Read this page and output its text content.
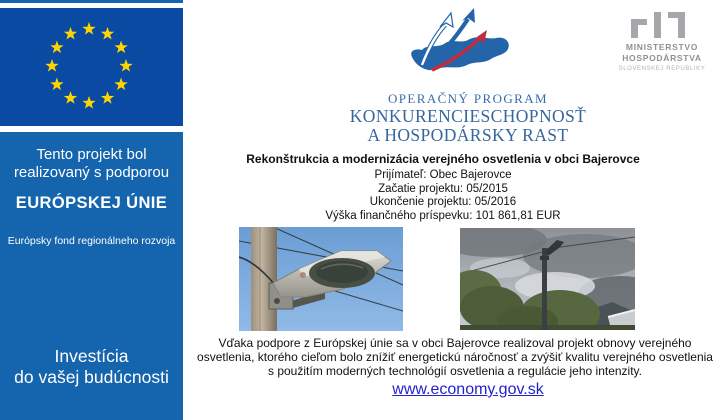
Tento projekt bol
realizovaný s podporou
EURÓPSKEJ ÚNIE
Európsky fond regionálneho rozvoja
Investícia
do vašej budúcnosti
OPERAČNÝ PROGRAM
KONKURENCIESCHOPNOSŤ
A HOSPODÁRSKY RAST
MINISTERSTVO
HOSPODÁRSTVA
SLOVENSKEJ REPUBLIKY
Rekonštrukcia a modernizácia verejného osvetlenia v obci Bajerovce
Prijímateľ: Obec Bajerovce
Začatie projektu: 05/2015
Ukončenie projektu: 05/2016
Výška finančného príspevku: 101 861,81 EUR
Vďaka podpore z Európskej únie sa v obci Bajerovce realizoval projekt obnovy verejného osvetlenia, ktorého cieľom bolo znížiť energetickú náročnosť a zvýšiť kvalitu verejného osvetlenia s použitím moderných technológií osvetlenia a regulácie jeho intenzity.
www.economy.gov.sk
